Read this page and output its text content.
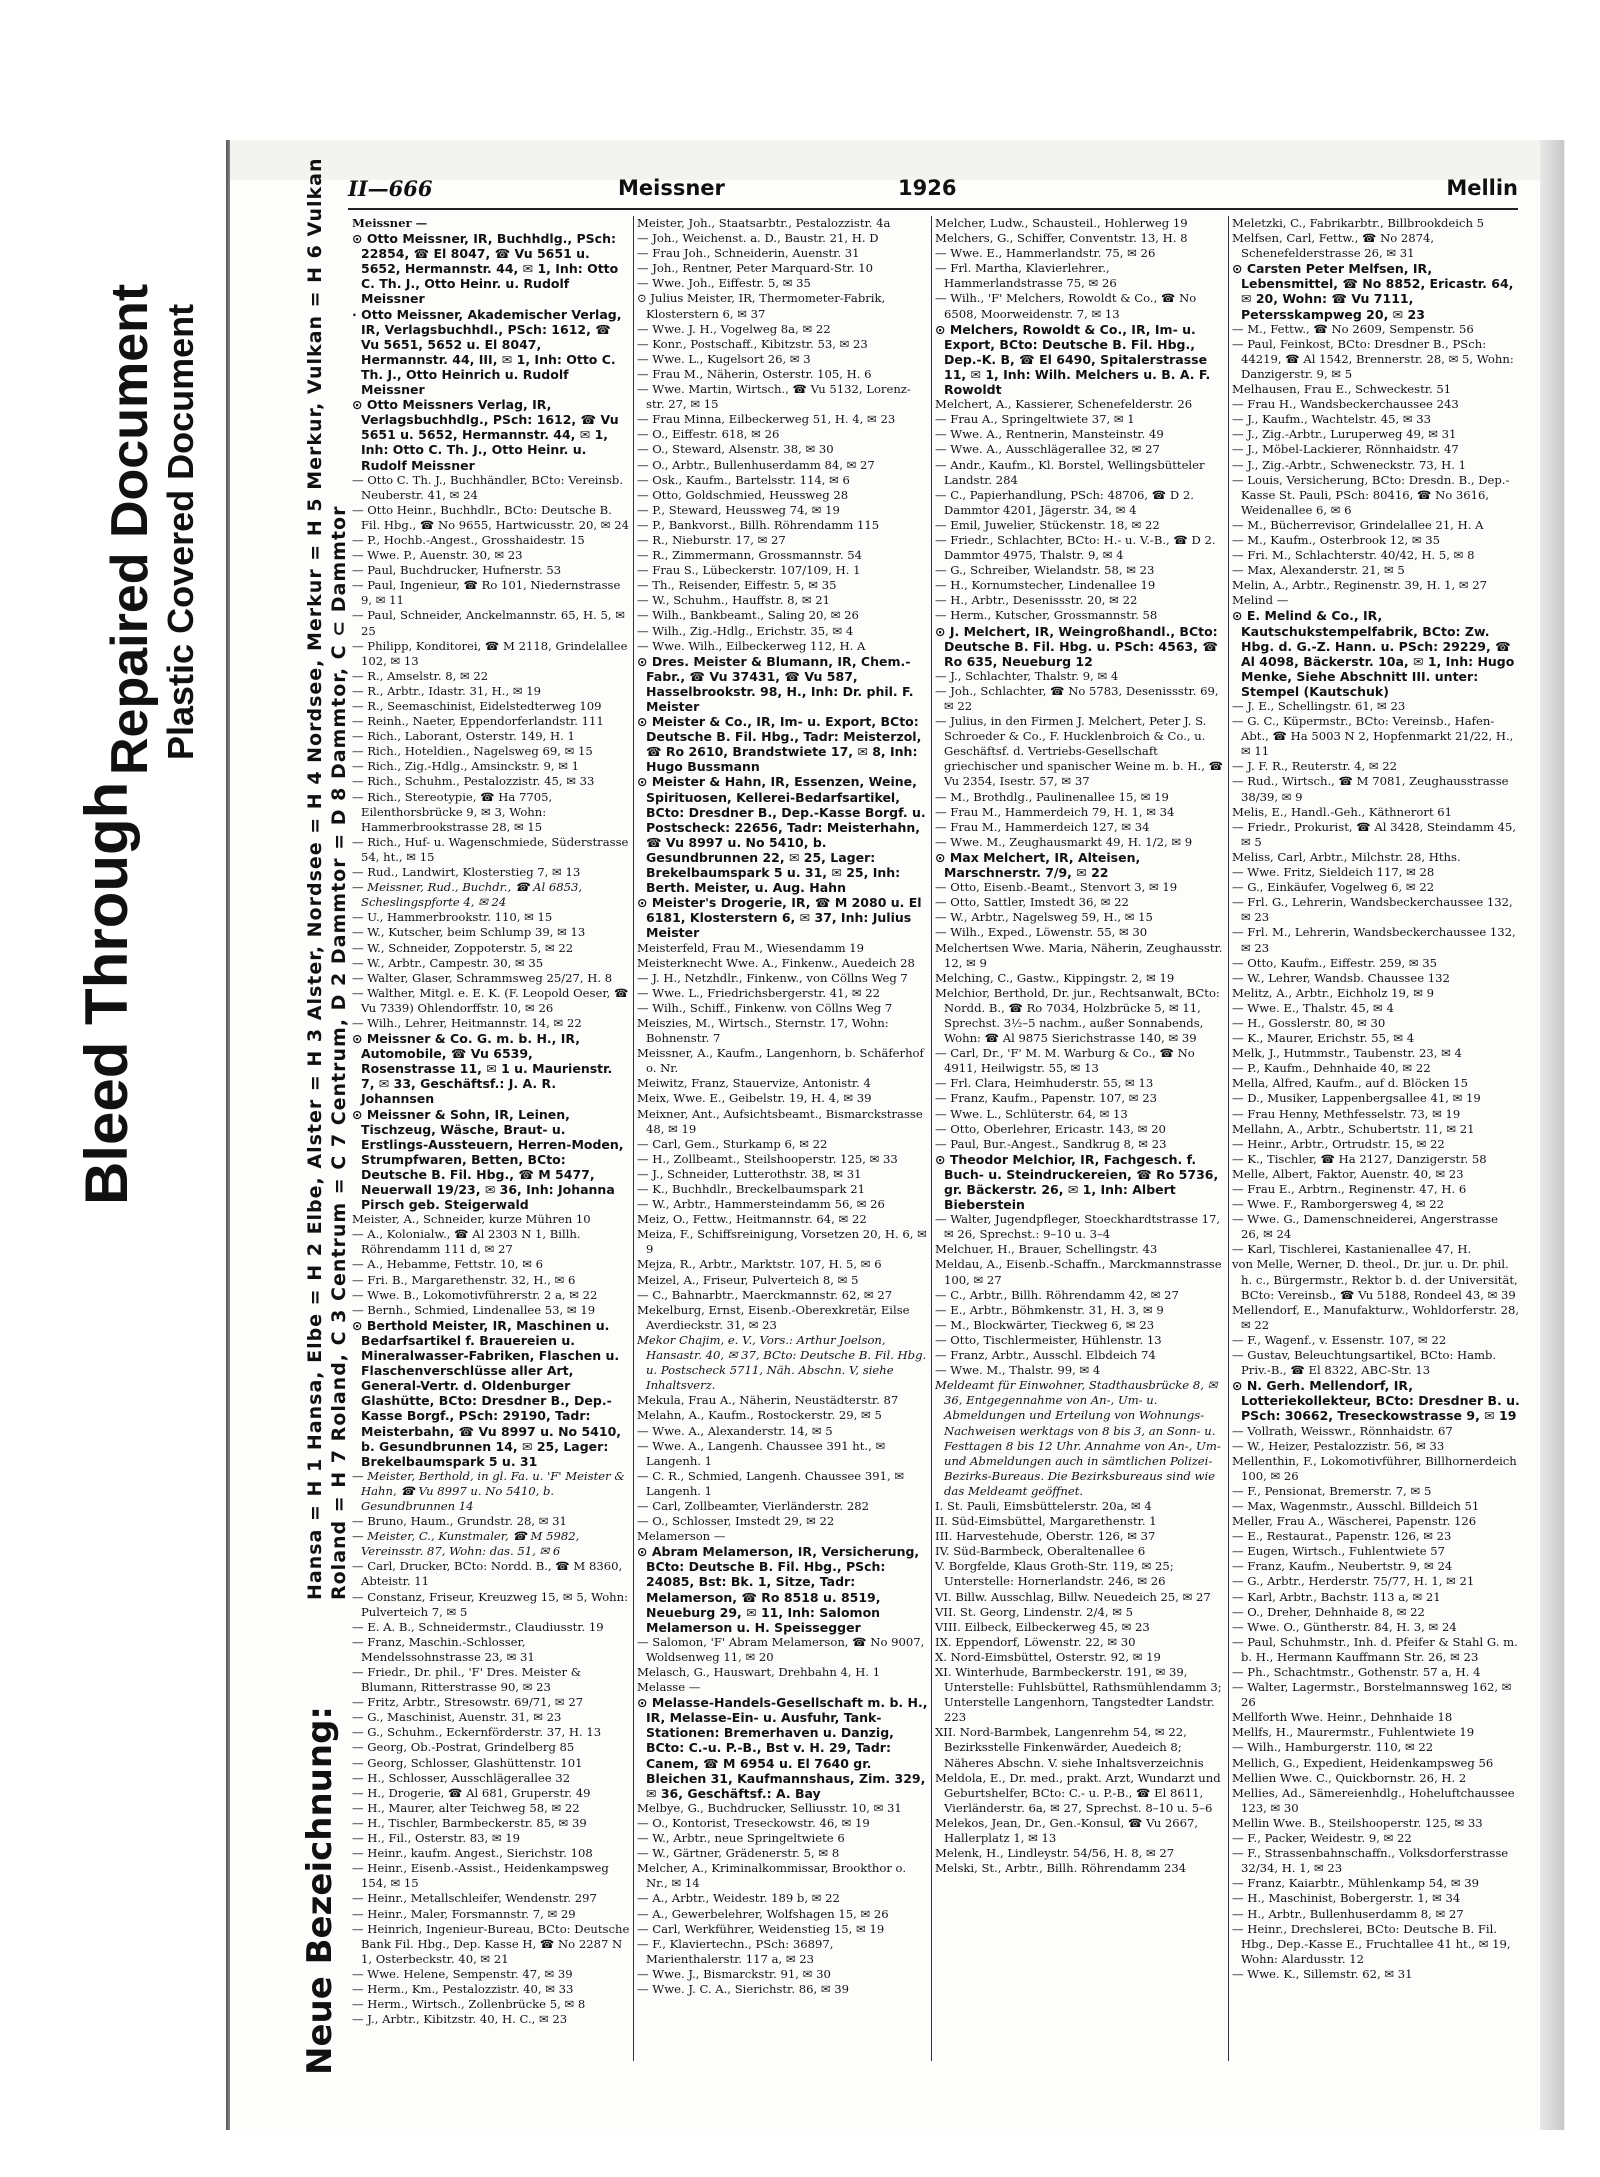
Bleed Through
Repaired Document Plastic Covered Document
II—666	Meissner	1926	Mellin
Neue Bezeichnung:
Hansa = H 1 Hansa, Elbe = H 2 Elbe, Alster = H 3 Alster, Nordsee = H 4 Nordsee, Merkur = H 5 Merkur, Vulkan = H 6 Vulkan Roland = H 7 Roland, C 3 Centrum = C 7 Centrum, D 2 Dammtor = D 8 Dammtor, C ⊂ Dammtor

Meissner —

⊙ Otto Meissner, IR, Buchhdlg., PSch: 22854, ☎ El 8047, ☎ Vu 5651 u. 5652, Hermannstr. 44, ✉ 1, Inh: Otto C. Th. J., Otto Heinr. u. Rudolf Meissner

· Otto Meissner, Akademischer Verlag, IR, Verlagsbuchhdl., PSch: 1612, ☎ Vu 5651, 5652 u. El 8047, Hermannstr. 44, III, ✉ 1, Inh: Otto C. Th. J., Otto Heinrich u. Rudolf Meissner

⊙ Otto Meissners Verlag, IR, Verlagsbuchhdlg., PSch: 1612, ☎ Vu 5651 u. 5652, Hermannstr. 44, ✉ 1, Inh: Otto C. Th. J., Otto Heinr. u. Rudolf Meissner

— Otto C. Th. J., Buchhändler, BCto: Vereinsb. Neuberstr. 41, ✉ 24

— Otto Heinr., Buchhdlr., BCto: Deutsche B. Fil. Hbg., ☎ No 9655, Hartwicusstr. 20, ✉ 24

— P., Hochb.-Angest., Grosshaidestr. 15

— Wwe. P., Auenstr. 30, ✉ 23

— Paul, Buchdrucker, Hufnerstr. 53

— Paul, Ingenieur, ☎ Ro 101, Niedernstrasse 9, ✉ 11

— Paul, Schneider, Anckelmannstr. 65, H. 5, ✉ 25

— Philipp, Konditorei, ☎ M 2118, Grindelallee 102, ✉ 13

— R., Amselstr. 8, ✉ 22

— R., Arbtr., Idastr. 31, H., ✉ 19

— R., Seemaschinist, Eidelstedterweg 109

— Reinh., Naeter, Eppendorferlandstr. 111

— Rich., Laborant, Osterstr. 149, H. 1

— Rich., Hoteldien., Nagelsweg 69, ✉ 15

— Rich., Zig.-Hdlg., Amsinckstr. 9, ✉ 1

— Rich., Schuhm., Pestalozzistr. 45, ✉ 33

— Rich., Stereotypie, ☎ Ha 7705, Eilenthorsbrücke 9, ✉ 3, Wohn: Hammerbrookstrasse 28, ✉ 15

— Rich., Huf- u. Wagenschmiede, Süderstrasse 54, ht., ✉ 15

— Rud., Landwirt, Klosterstieg 7, ✉ 13

— Meissner, Rud., Buchdr., ☎ Al 6853, Scheslingspforte 4, ✉ 24

— U., Hammerbrookstr. 110, ✉ 15

— W., Kutscher, beim Schlump 39, ✉ 13

— W., Schneider, Zoppoterstr. 5, ✉ 22

— W., Arbtr., Campestr. 30, ✉ 35

— Walter, Glaser, Schrammsweg 25/27, H. 8

— Walther, Mitgl. e. E. K. (F. Leopold Oeser, ☎ Vu 7339) Ohlendorffstr. 10, ✉ 26

— Wilh., Lehrer, Heitmannstr. 14, ✉ 22

⊙ Meissner & Co. G. m. b. H., IR, Automobile, ☎ Vu 6539, Rosenstrasse 11, ✉ 1 u. Maurienstr. 7, ✉ 33, Geschäftsf.: J. A. R. Johannsen

⊙ Meissner & Sohn, IR, Leinen, Tischzeug, Wäsche, Braut- u. Erstlings-Aussteuern, Herren-Moden, Strumpfwaren, Betten, BCto: Deutsche B. Fil. Hbg., ☎ M 5477, Neuerwall 19/23, ✉ 36, Inh: Johanna Pirsch geb. Steigerwald

Meister, A., Schneider, kurze Mühren 10

— A., Kolonialw., ☎ Al 2303 N 1, Billh. Röhrendamm 111 d, ✉ 27

— A., Hebamme, Fettstr. 10, ✉ 6

— Fri. B., Margarethenstr. 32, H., ✉ 6

— Wwe. B., Lokomotivführerstr. 2 a, ✉ 22

— Bernh., Schmied, Lindenallee 53, ✉ 19

⊙ Berthold Meister, IR, Maschinen u. Bedarfsartikel f. Brauereien u. Mineralwasser-Fabriken, Flaschen u. Flaschenverschlüsse aller Art, General-Vertr. d. Oldenburger Glashütte, BCto: Dresdner B., Dep.-Kasse Borgf., PSch: 29190, Tadr: Meisterbahn, ☎ Vu 8997 u. No 5410, b. Gesundbrunnen 14, ✉ 25, Lager: Brekelbaumspark 5 u. 31

— Meister, Berthold, in gl. Fa. u. 'F' Meister & Hahn, ☎ Vu 8997 u. No 5410, b. Gesundbrunnen 14

— Bruno, Haum., Grundstr. 28, ✉ 31

— Meister, C., Kunstmaler, ☎ M 5982, Vereinsstr. 87, Wohn: das. 51, ✉ 6

— Carl, Drucker, BCto: Nordd. B., ☎ M 8360, Abteistr. 11

— Constanz, Friseur, Kreuzweg 15, ✉ 5, Wohn: Pulverteich 7, ✉ 5

— E. A. B., Schneidermstr., Claudiusstr. 19

— Franz, Maschin.-Schlosser, Mendelssohnstrasse 23, ✉ 31

— Friedr., Dr. phil., 'F' Dres. Meister & Blumann, Ritterstrasse 90, ✉ 23

— Fritz, Arbtr., Stresowstr. 69/71, ✉ 27

— G., Maschinist, Auenstr. 31, ✉ 23

— G., Schuhm., Eckernförderstr. 37, H. 13

— Georg, Ob.-Postrat, Grindelberg 85

— Georg, Schlosser, Glashüttenstr. 101

— H., Schlosser, Ausschlägerallee 32

— H., Drogerie, ☎ Al 681, Gruperstr. 49

— H., Maurer, alter Teichweg 58, ✉ 22

— H., Tischler, Barmbeckerstr. 85, ✉ 39

— H., Fil., Osterstr. 83, ✉ 19

— Heinr., kaufm. Angest., Sierichstr. 108

— Heinr., Eisenb.-Assist., Heidenkampsweg 154, ✉ 15

— Heinr., Metallschleifer, Wendenstr. 297

— Heinr., Maler, Forsmannstr. 7, ✉ 29

— Heinrich, Ingenieur-Bureau, BCto: Deutsche Bank Fil. Hbg., Dep. Kasse H, ☎ No 2287 N 1, Osterbeckstr. 40, ✉ 21

— Wwe. Helene, Sempenstr. 47, ✉ 39

— Herm., Km., Pestalozzistr. 40, ✉ 33

— Herm., Wirtsch., Zollenbrücke 5, ✉ 8

— J., Arbtr., Kibitzstr. 40, H. C., ✉ 23

Meister, Joh., Staatsarbtr., Pestalozzistr. 4a

— Joh., Weichenst. a. D., Baustr. 21, H. D

— Frau Joh., Schneiderin, Auenstr. 31

— Joh., Rentner, Peter Marquard-Str. 10

— Wwe. Joh., Eiffestr. 5, ✉ 35

⊙ Julius Meister, IR, Thermometer-Fabrik, Klosterstern 6, ✉ 37

— Wwe. J. H., Vogelweg 8a, ✉ 22

— Konr., Postschaff., Kibitzstr. 53, ✉ 23

— Wwe. L., Kugelsort 26, ✉ 3

— Frau M., Näherin, Osterstr. 105, H. 6

— Wwe. Martin, Wirtsch., ☎ Vu 5132, Lorenz-str. 27, ✉ 15

— Frau Minna, Eilbeckerweg 51, H. 4, ✉ 23

— O., Eiffestr. 618, ✉ 26

— O., Steward, Alsenstr. 38, ✉ 30

— O., Arbtr., Bullenhuserdamm 84, ✉ 27

— Osk., Kaufm., Bartelsstr. 114, ✉ 6

— Otto, Goldschmied, Heussweg 28

— P., Steward, Heussweg 74, ✉ 19

— P., Bankvorst., Billh. Röhrendamm 115

— R., Nieburstr. 17, ✉ 27

— R., Zimmermann, Grossmannstr. 54

— Frau S., Lübeckerstr. 107/109, H. 1

— Th., Reisender, Eiffestr. 5, ✉ 35

— W., Schuhm., Hauffstr. 8, ✉ 21

— Wilh., Bankbeamt., Saling 20, ✉ 26

— Wilh., Zig.-Hdlg., Erichstr. 35, ✉ 4

— Wwe. Wilh., Eilbeckerweg 112, H. A

⊙ Dres. Meister & Blumann, IR, Chem.-Fabr., ☎ Vu 37431, ☎ Vu 587, Hasselbrookstr. 98, H., Inh: Dr. phil. F. Meister

⊙ Meister & Co., IR, Im- u. Export, BCto: Deutsche B. Fil. Hbg., Tadr: Meisterzol, ☎ Ro 2610, Brandstwiete 17, ✉ 8, Inh: Hugo Bussmann

⊙ Meister & Hahn, IR, Essenzen, Weine, Spirituosen, Kellerei-Bedarfsartikel, BCto: Dresdner B., Dep.-Kasse Borgf. u. Postscheck: 22656, Tadr: Meisterhahn, ☎ Vu 8997 u. No 5410, b. Gesundbrunnen 22, ✉ 25, Lager: Brekelbaumspark 5 u. 31, ✉ 25, Inh: Berth. Meister, u. Aug. Hahn

⊙ Meister's Drogerie, IR, ☎ M 2080 u. El 6181, Klosterstern 6, ✉ 37, Inh: Julius Meister

Meisterfeld, Frau M., Wiesendamm 19

Meisterknecht Wwe. A., Finkenw., Auedeich 28

— J. H., Netzhdlr., Finkenw., von Cöllns Weg 7

— Wwe. L., Friedrichsbergerstr. 41, ✉ 22

— Wilh., Schiff., Finkenw. von Cöllns Weg 7

Meiszies, M., Wirtsch., Sternstr. 17, Wohn: Bohnenstr. 7

Meissner, A., Kaufm., Langenhorn, b. Schäferhof o. Nr.

Meiwitz, Franz, Stauervize, Antonistr. 4

Meix, Wwe. E., Geibelstr. 19, H. 4, ✉ 39

Meixner, Ant., Aufsichtsbeamt., Bismarckstrasse 48, ✉ 19

— Carl, Gem., Sturkamp 6, ✉ 22

— H., Zollbeamt., Steilshooperstr. 125, ✉ 33

— J., Schneider, Lutterothstr. 38, ✉ 31

— K., Buchhdlr., Breckelbaumspark 21

— W., Arbtr., Hammersteindamm 56, ✉ 26

Meiz, O., Fettw., Heitmannstr. 64, ✉ 22

Meiza, F., Schiffsreinigung, Vorsetzen 20, H. 6, ✉ 9

Mejza, R., Arbtr., Marktstr. 107, H. 5, ✉ 6

Meizel, A., Friseur, Pulverteich 8, ✉ 5

— C., Bahnarbtr., Maerckmannstr. 62, ✉ 27

Mekelburg, Ernst, Eisenb.-Oberexkretär, Eilse Averdieckstr. 31, ✉ 23

Mekor Chajim, e. V., Vors.: Arthur Joelson, Hansastr. 40, ✉ 37, BCto: Deutsche B. Fil. Hbg. u. Postscheck 5711, Näh. Abschn. V, siehe Inhaltsverz.

Mekula, Frau A., Näherin, Neustädterstr. 87

Melahn, A., Kaufm., Rostockerstr. 29, ✉ 5

— Wwe. A., Alexanderstr. 14, ✉ 5

— Wwe. A., Langenh. Chaussee 391 ht., ✉ Langenh. 1

— C. R., Schmied, Langenh. Chaussee 391, ✉ Langenh. 1

— Carl, Zollbeamter, Vierländerstr. 282

— O., Schlosser, Imstedt 29, ✉ 22

Melamerson —

⊙ Abram Melamerson, IR, Versicherung, BCto: Deutsche B. Fil. Hbg., PSch: 24085, Bst: Bk. 1, Sitze, Tadr: Melamerson, ☎ Ro 8518 u. 8519, Neueburg 29, ✉ 11, Inh: Salomon Melamerson u. H. Speissegger

— Salomon, 'F' Abram Melamerson, ☎ No 9007, Woldsenweg 11, ✉ 20

Melasch, G., Hauswart, Drehbahn 4, H. 1

Melasse —

⊙ Melasse-Handels-Gesellschaft m. b. H., IR, Melasse-Ein- u. Ausfuhr, Tank-Stationen: Bremerhaven u. Danzig, BCto: C.-u. P.-B., Bst v. H. 29, Tadr: Canem, ☎ M 6954 u. El 7640 gr. Bleichen 31, Kaufmannshaus, Zim. 329, ✉ 36, Geschäftsf.: A. Bay

Melbye, G., Buchdrucker, Selliusstr. 10, ✉ 31

— O., Kontorist, Treseckowstr. 46, ✉ 19

— W., Arbtr., neue Springeltwiete 6

— W., Gärtner, Grädenerstr. 5, ✉ 8

Melcher, A., Kriminalkommissar, Brookthor o. Nr., ✉ 14

— A., Arbtr., Weidestr. 189 b, ✉ 22

— A., Gewerbelehrer, Wolfshagen 15, ✉ 26

— Carl, Werkführer, Weidenstieg 15, ✉ 19

— F., Klaviertechn., PSch: 36897, Marienthalerstr. 117 a, ✉ 23

— Wwe. J., Bismarckstr. 91, ✉ 30

— Wwe. J. C. A., Sierichstr. 86, ✉ 39

Melcher, Ludw., Schausteil., Hohlerweg 19

Melchers, G., Schiffer, Conventstr. 13, H. 8

— Wwe. E., Hammerlandstr. 75, ✉ 26

— Frl. Martha, Klavierlehrer., Hammerlandstrasse 75, ✉ 26

— Wilh., 'F' Melchers, Rowoldt & Co., ☎ No 6508, Moorweidenstr. 7, ✉ 13

⊙ Melchers, Rowoldt & Co., IR, Im- u. Export, BCto: Deutsche B. Fil. Hbg., Dep.-K. B, ☎ El 6490, Spitalerstrasse 11, ✉ 1, Inh: Wilh. Melchers u. B. A. F. Rowoldt

Melchert, A., Kassierer, Schenefelderstr. 26

— Frau A., Springeltwiete 37, ✉ 1

— Wwe. A., Rentnerin, Mansteinstr. 49

— Wwe. A., Ausschlägerallee 32, ✉ 27

— Andr., Kaufm., Kl. Borstel, Wellingsbütteler Landstr. 284

— C., Papierhandlung, PSch: 48706, ☎ D 2. Dammtor 4201, Jägerstr. 34, ✉ 4

— Emil, Juwelier, Stückenstr. 18, ✉ 22

— Friedr., Schlachter, BCto: H.- u. V.-B., ☎ D 2. Dammtor 4975, Thalstr. 9, ✉ 4

— G., Schreiber, Wielandstr. 58, ✉ 23

— H., Kornumstecher, Lindenallee 19

— H., Arbtr., Desenissstr. 20, ✉ 22

— Herm., Kutscher, Grossmannstr. 58

⊙ J. Melchert, IR, Weingroßhandl., BCto: Deutsche B. Fil. Hbg. u. PSch: 4563, ☎ Ro 635, Neueburg 12

— J., Schlachter, Thalstr. 9, ✉ 4

— Joh., Schlachter, ☎ No 5783, Desenissstr. 69, ✉ 22

— Julius, in den Firmen J. Melchert, Peter J. S. Schroeder & Co., F. Hucklenbroich & Co., u. Geschäftsf. d. Vertriebs-Gesellschaft griechischer und spanischer Weine m. b. H., ☎ Vu 2354, Isestr. 57, ✉ 37

— M., Brothdlg., Paulinenallee 15, ✉ 19

— Frau M., Hammerdeich 79, H. 1, ✉ 34

— Frau M., Hammerdeich 127, ✉ 34

— Wwe. M., Zeughausmarkt 49, H. 1/2, ✉ 9

⊙ Max Melchert, IR, Alteisen, Marschnerstr. 7/9, ✉ 22

— Otto, Eisenb.-Beamt., Stenvort 3, ✉ 19

— Otto, Sattler, Imstedt 36, ✉ 22

— W., Arbtr., Nagelsweg 59, H., ✉ 15

— Wilh., Exped., Löwenstr. 55, ✉ 30

Melchertsen Wwe. Maria, Näherin, Zeughausstr. 12, ✉ 9

Melching, C., Gastw., Kippingstr. 2, ✉ 19

Melchior, Berthold, Dr. jur., Rechtsanwalt, BCto: Nordd. B., ☎ Ro 7034, Holzbrücke 5, ✉ 11, Sprechst. 3½–5 nachm., außer Sonnabends, Wohn: ☎ Al 9875 Sierichstrasse 140, ✉ 39

— Carl, Dr., 'F' M. M. Warburg & Co., ☎ No 4911, Heilwigstr. 55, ✉ 13

— Frl. Clara, Heimhuderstr. 55, ✉ 13

— Franz, Kaufm., Papenstr. 107, ✉ 23

— Wwe. L., Schlüterstr. 64, ✉ 13

— Otto, Oberlehrer, Ericastr. 143, ✉ 20

— Paul, Bur.-Angest., Sandkrug 8, ✉ 23

⊙ Theodor Melchior, IR, Fachgesch. f. Buch- u. Steindruckereien, ☎ Ro 5736, gr. Bäckerstr. 26, ✉ 1, Inh: Albert Bieberstein

— Walter, Jugendpfleger, Stoeckhardtstrasse 17, ✉ 26, Sprechst.: 9–10 u. 3–4

Melchuer, H., Brauer, Schellingstr. 43

Meldau, A., Eisenb.-Schaffn., Marckmannstrasse 100, ✉ 27

— C., Arbtr., Billh. Röhrendamm 42, ✉ 27

— E., Arbtr., Böhmkenstr. 31, H. 3, ✉ 9

— M., Blockwärter, Tieckweg 6, ✉ 23

— Otto, Tischlermeister, Hühlenstr. 13

— Franz, Arbtr., Ausschl. Elbdeich 74

— Wwe. M., Thalstr. 99, ✉ 4

Meldeamt für Einwohner, Stadthausbrücke 8, ✉ 36, Entgegennahme von An-, Um- u. Abmeldungen und Erteilung von Wohnungs-Nachweisen werktags von 8 bis 3, an Sonn- u. Festtagen 8 bis 12 Uhr. Annahme von An-, Um- und Abmeldungen auch in sämtlichen Polizei-Bezirks-Bureaus. Die Bezirksbureaus sind wie das Meldeamt geöffnet.

I. St. Pauli, Eimsbüttelerstr. 20a, ✉ 4

II. Süd-Eimsbüttel, Margarethenstr. 1

III. Harvestehude, Oberstr. 126, ✉ 37

IV. Süd-Barmbeck, Oberaltenallee 6

V. Borgfelde, Klaus Groth-Str. 119, ✉ 25; Unterstelle: Hornerlandstr. 246, ✉ 26

VI. Billw. Ausschlag, Billw. Neuedeich 25, ✉ 27

VII. St. Georg, Lindenstr. 2/4, ✉ 5

VIII. Eilbeck, Eilbeckerweg 45, ✉ 23

IX. Eppendorf, Löwenstr. 22, ✉ 30

X. Nord-Eimsbüttel, Osterstr. 92, ✉ 19

XI. Winterhude, Barmbeckerstr. 191, ✉ 39, Unterstelle: Fuhlsbüttel, Rathsmühlendamm 3; Unterstelle Langenhorn, Tangstedter Landstr. 223

XII. Nord-Barmbek, Langenrehm 54, ✉ 22, Bezirksstelle Finkenwärder, Auedeich 8; Näheres Abschn. V. siehe Inhaltsverzeichnis

Meldola, E., Dr. med., prakt. Arzt, Wundarzt und Geburtshelfer, BCto: C.- u. P.-B., ☎ El 8611, Vierländerstr. 6a, ✉ 27, Sprechst. 8–10 u. 5–6

Melekos, Jean, Dr., Gen.-Konsul, ☎ Vu 2667, Hallerplatz 1, ✉ 13

Melenk, H., Lindleystr. 54/56, H. 8, ✉ 27

Melski, St., Arbtr., Billh. Röhrendamm 234

Meletzki, C., Fabrikarbtr., Billbrookdeich 5

Melfsen, Carl, Fettw., ☎ No 2874, Schenefelderstrasse 26, ✉ 31

⊙ Carsten Peter Melfsen, IR, Lebensmittel, ☎ No 8852, Ericastr. 64, ✉ 20, Wohn: ☎ Vu 7111, Petersskampweg 20, ✉ 23

— M., Fettw., ☎ No 2609, Sempenstr. 56

— Paul, Feinkost, BCto: Dresdner B., PSch: 44219, ☎ Al 1542, Brennerstr. 28, ✉ 5, Wohn: Danzigerstr. 9, ✉ 5

Melhausen, Frau E., Schweckestr. 51

— Frau H., Wandsbeckerchaussee 243

— J., Kaufm., Wachtelstr. 45, ✉ 33

— J., Zig.-Arbtr., Luruperweg 49, ✉ 31

— J., Möbel-Lackierer, Rönnhaidstr. 47

— J., Zig.-Arbtr., Schweneckstr. 73, H. 1

— Louis, Versicherung, BCto: Dresdn. B., Dep.-Kasse St. Pauli, PSch: 80416, ☎ No 3616, Weidenallee 6, ✉ 6

— M., Bücherrevisor, Grindelallee 21, H. A

— M., Kaufm., Osterbrook 12, ✉ 35

— Fri. M., Schlachterstr. 40/42, H. 5, ✉ 8

— Max, Alexanderstr. 21, ✉ 5

Melin, A., Arbtr., Reginenstr. 39, H. 1, ✉ 27

Melind —

⊙ E. Melind & Co., IR, Kautschukstempelfabrik, BCto: Zw. Hbg. d. G.-Z. Hann. u. PSch: 29229, ☎ Al 4098, Bäckerstr. 10a, ✉ 1, Inh: Hugo Menke, Siehe Abschnitt III. unter: Stempel (Kautschuk)

— J. E., Schellingstr. 61, ✉ 23

— G. C., Küpermstr., BCto: Vereinsb., Hafen-Abt., ☎ Ha 5003 N 2, Hopfenmarkt 21/22, H., ✉ 11

— J. F. R., Reuterstr. 4, ✉ 22

— Rud., Wirtsch., ☎ M 7081, Zeughausstrasse 38/39, ✉ 9

Melis, E., Handl.-Geh., Käthnerort 61

— Friedr., Prokurist, ☎ Al 3428, Steindamm 45, ✉ 5

Meliss, Carl, Arbtr., Milchstr. 28, Hths.

— Wwe. Fritz, Sieldeich 117, ✉ 28

— G., Einkäufer, Vogelweg 6, ✉ 22

— Frl. G., Lehrerin, Wandsbeckerchaussee 132, ✉ 23

— Frl. M., Lehrerin, Wandsbeckerchaussee 132, ✉ 23

— Otto, Kaufm., Eiffestr. 259, ✉ 35

— W., Lehrer, Wandsb. Chaussee 132

Melitz, A., Arbtr., Eichholz 19, ✉ 9

— Wwe. E., Thalstr. 45, ✉ 4

— H., Gosslerstr. 80, ✉ 30

— K., Maurer, Erichstr. 55, ✉ 4

Melk, J., Hutmmstr., Taubenstr. 23, ✉ 4

— P., Kaufm., Dehnhaide 40, ✉ 22

Mella, Alfred, Kaufm., auf d. Blöcken 15

— D., Musiker, Lappenbergsallee 41, ✉ 19

— Frau Henny, Methfesselstr. 73, ✉ 19

Mellahn, A., Arbtr., Schubertstr. 11, ✉ 21

— Heinr., Arbtr., Ortrudstr. 15, ✉ 22

— K., Tischler, ☎ Ha 2127, Danzigerstr. 58

Melle, Albert, Faktor, Auenstr. 40, ✉ 23

— Frau E., Arbtrn., Reginenstr. 47, H. 6

— Wwe. F., Ramborgersweg 4, ✉ 22

— Wwe. G., Damenschneiderei, Angerstrasse 26, ✉ 24

— Karl, Tischlerei, Kastanienallee 47, H.

von Melle, Werner, D. theol., Dr. jur. u. Dr. phil. h. c., Bürgermstr., Rektor b. d. der Universität, BCto: Vereinsb., ☎ Vu 5188, Rondeel 43, ✉ 39

Mellendorf, E., Manufakturw., Wohldorferstr. 28, ✉ 22

— F., Wagenf., v. Essenstr. 107, ✉ 22

— Gustav, Beleuchtungsartikel, BCto: Hamb. Priv.-B., ☎ El 8322, ABC-Str. 13

⊙ N. Gerh. Mellendorf, IR, Lotteriekollekteur, BCto: Dresdner B. u. PSch: 30662, Treseckowstrasse 9, ✉ 19

— Vollrath, Weisswr., Rönnhaidstr. 67

— W., Heizer, Pestalozzistr. 56, ✉ 33

Mellenthin, F., Lokomotivführer, Billhornerdeich 100, ✉ 26

— F., Pensionat, Bremerstr. 7, ✉ 5

— Max, Wagenmstr., Ausschl. Billdeich 51

Meller, Frau A., Wäscherei, Papenstr. 126

— E., Restaurat., Papenstr. 126, ✉ 23

— Eugen, Wirtsch., Fuhlentwiete 57

— Franz, Kaufm., Neubertstr. 9, ✉ 24

— G., Arbtr., Herderstr. 75/77, H. 1, ✉ 21

— Karl, Arbtr., Bachstr. 113 a, ✉ 21

— O., Dreher, Dehnhaide 8, ✉ 22

— Wwe. O., Güntherstr. 84, H. 3, ✉ 24

— Paul, Schuhmstr., Inh. d. Pfeifer & Stahl G. m. b. H., Hermann Kauffmann Str. 26, ✉ 23

— Ph., Schachtmstr., Gothenstr. 57 a, H. 4

— Walter, Lagermstr., Borstelmannsweg 162, ✉ 26

Mellforth Wwe. Heinr., Dehnhaide 18

Mellfs, H., Maurermstr., Fuhlentwiete 19

— Wilh., Hamburgerstr. 110, ✉ 22

Mellich, G., Expedient, Heidenkampsweg 56

Mellien Wwe. C., Quickbornstr. 26, H. 2

Mellies, Ad., Sämereienhdlg., Hoheluftchaussee 123, ✉ 30

Mellin Wwe. B., Steilshooperstr. 125, ✉ 33

— F., Packer, Weidestr. 9, ✉ 22

— F., Strassenbahnschaffn., Volksdorferstrasse 32/34, H. 1, ✉ 23

— Franz, Kaiarbtr., Mühlenkamp 54, ✉ 39

— H., Maschinist, Bobergerstr. 1, ✉ 34

— H., Arbtr., Bullenhuserdamm 8, ✉ 27

— Heinr., Drechslerei, BCto: Deutsche B. Fil. Hbg., Dep.-Kasse E., Fruchtallee 41 ht., ✉ 19, Wohn: Alardusstr. 12

— Wwe. K., Sillemstr. 62, ✉ 31
